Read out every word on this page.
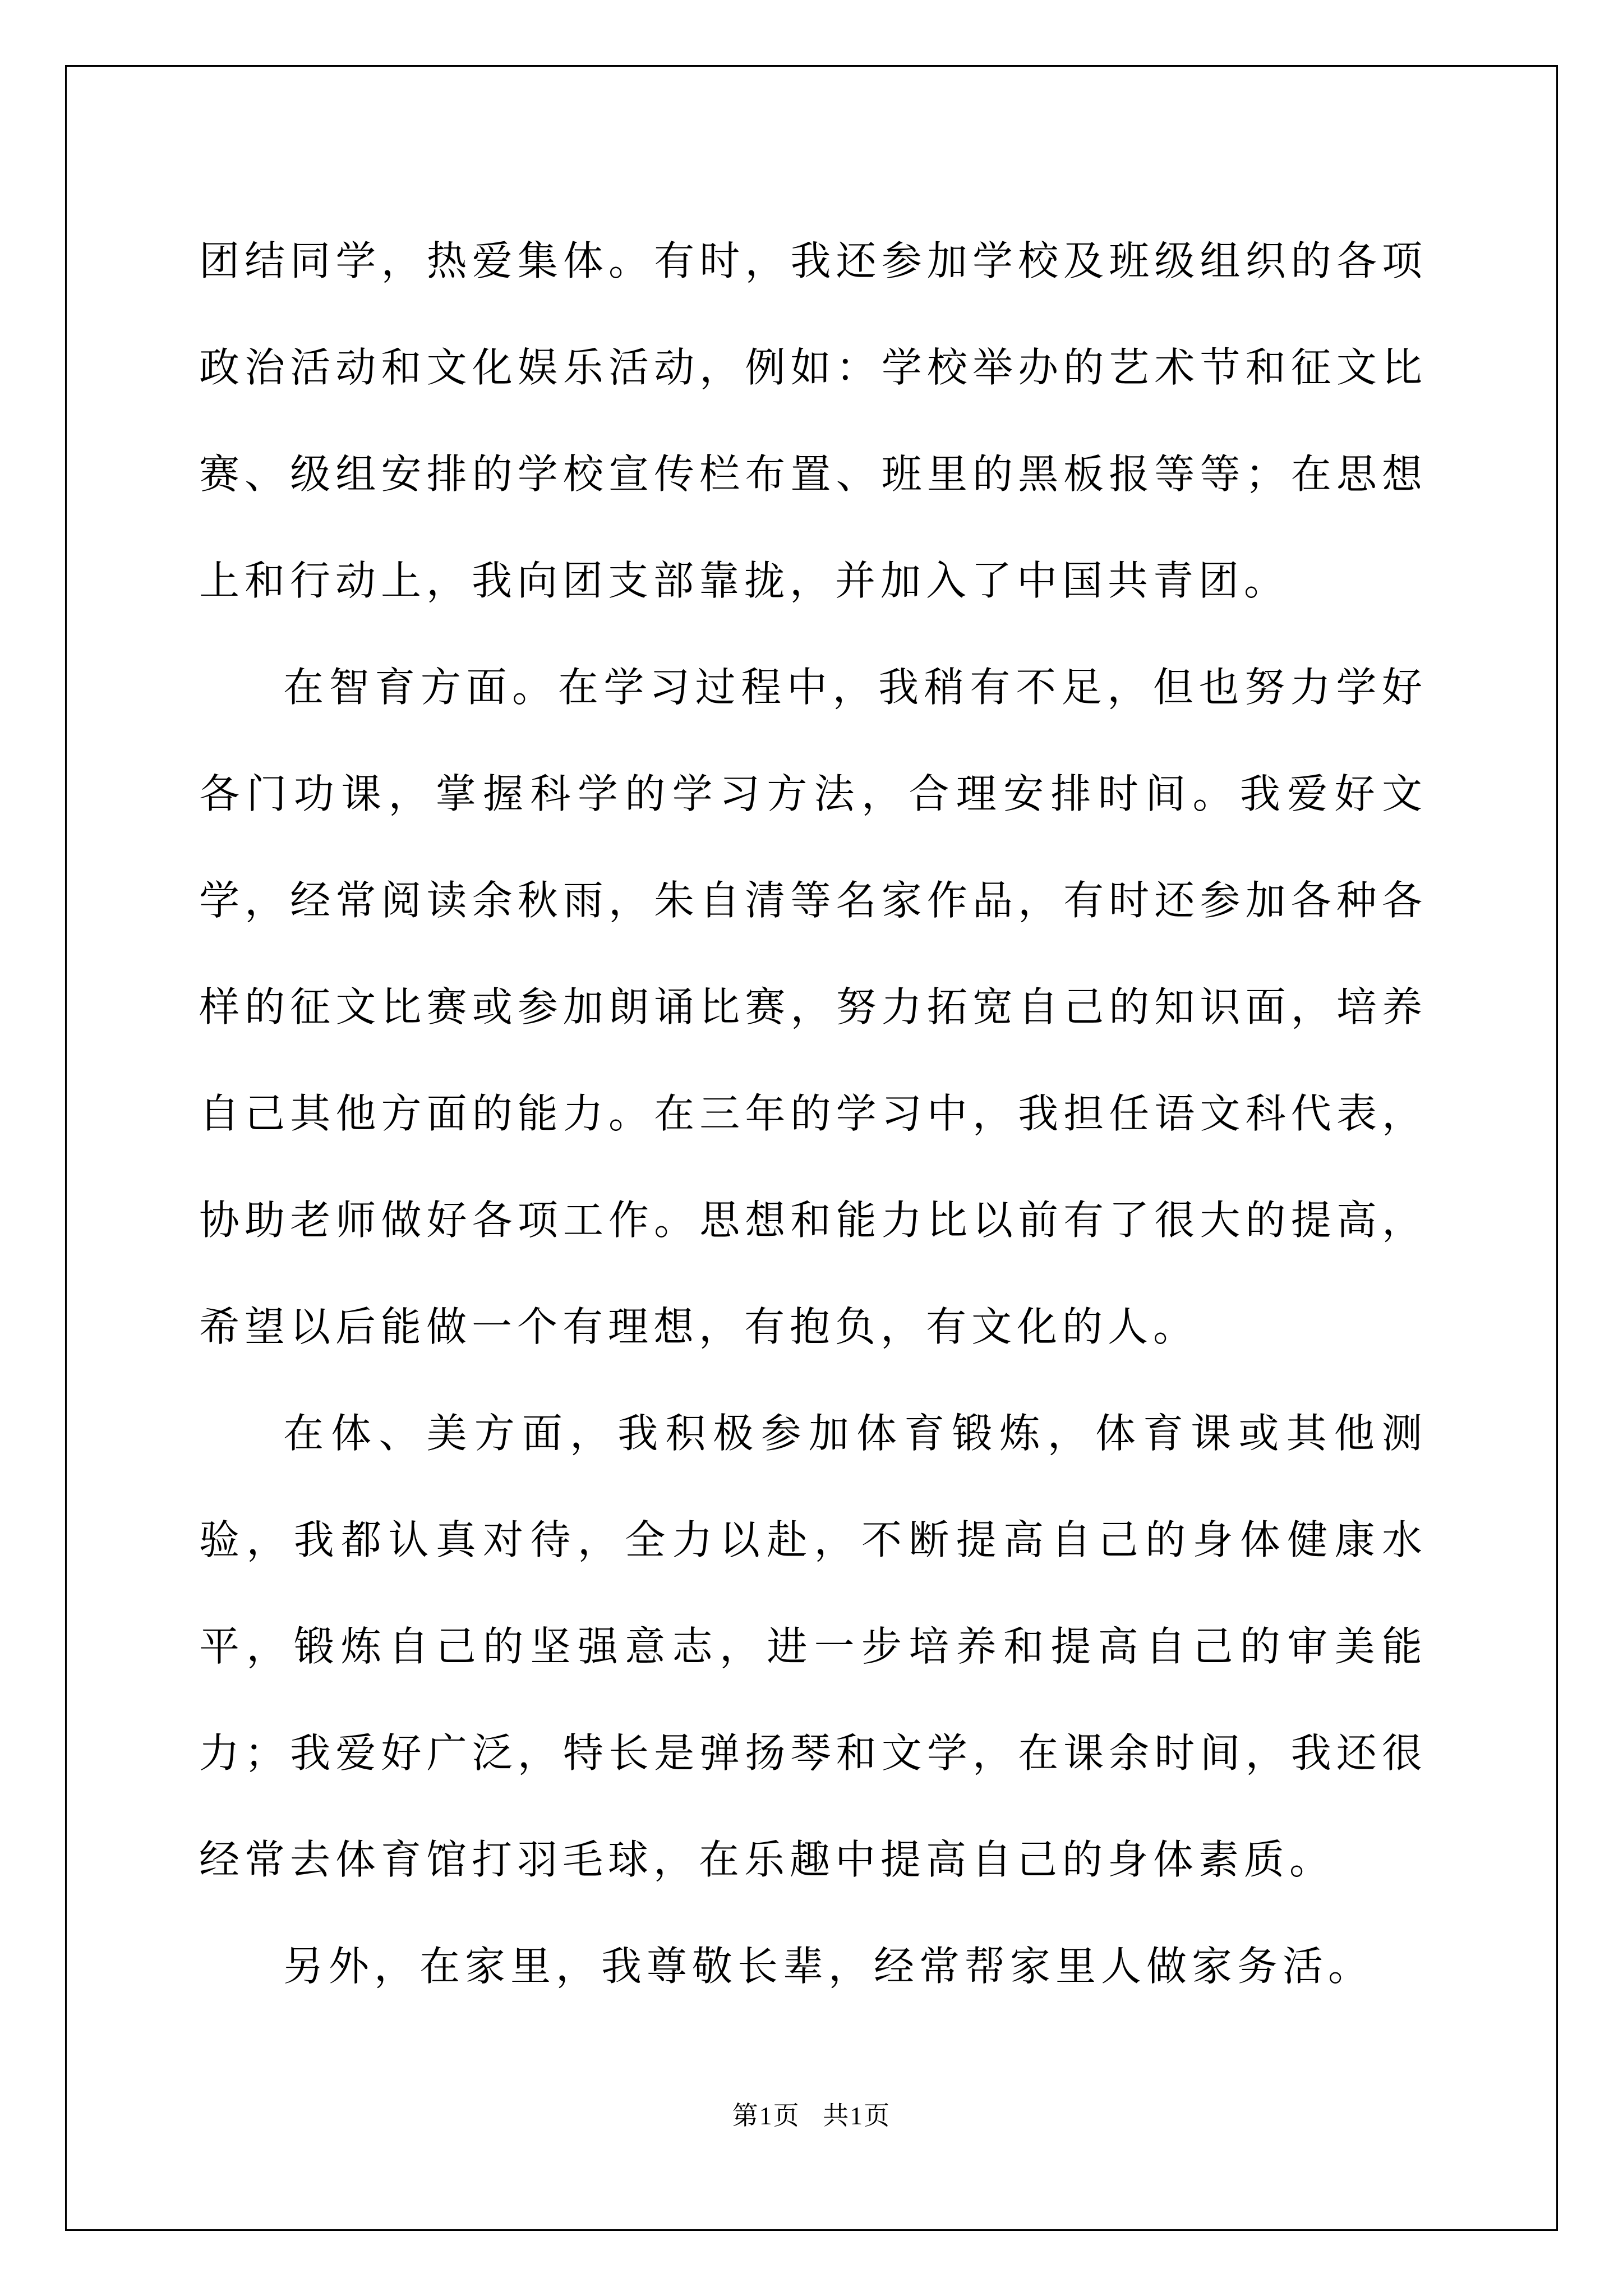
团结同学，热爱集体。有时，我还参加学校及班级组织的各项政治活动和文化娱乐活动，例如：学校举办的艺术节和征文比赛、级组安排的学校宣传栏布置、班里的黑板报等等；在思想上和行动上，我向团支部靠拢，并加入了中国共青团。

在智育方面。在学习过程中，我稍有不足，但也努力学好各门功课，掌握科学的学习方法，合理安排时间。我爱好文学，经常阅读余秋雨，朱自清等名家作品，有时还参加各种各样的征文比赛或参加朗诵比赛，努力拓宽自己的知识面，培养自己其他方面的能力。在三年的学习中，我担任语文科代表，协助老师做好各项工作。思想和能力比以前有了很大的提高，希望以后能做一个有理想，有抱负，有文化的人。

在体、美方面，我积极参加体育锻炼，体育课或其他测验，我都认真对待，全力以赴，不断提高自己的身体健康水平，锻炼自己的坚强意志，进一步培养和提高自己的审美能力；我爱好广泛，特长是弹扬琴和文学，在课余时间，我还很经常去体育馆打羽毛球，在乐趣中提高自己的身体素质。

另外，在家里，我尊敬长辈，经常帮家里人做家务活。

第1页 共1页
